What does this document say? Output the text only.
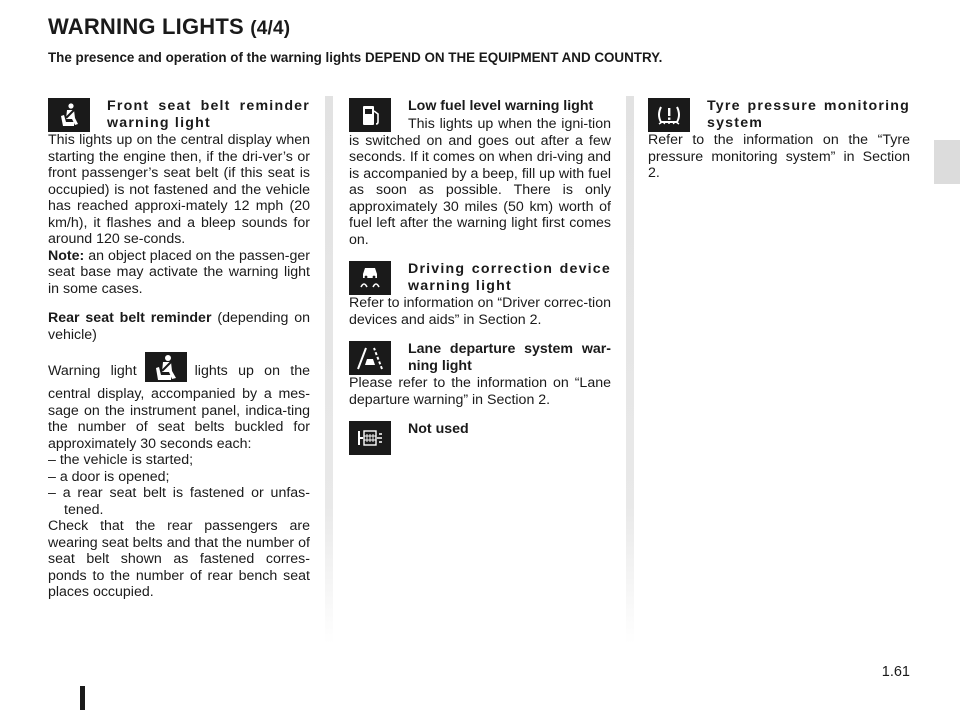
WARNING LIGHTS (4/4)
The presence and operation of the warning lights DEPEND ON THE EQUIPMENT AND COUNTRY.
Front seat belt reminder warning light

This lights up on the central display when starting the engine then, if the dri-ver’s or front passenger’s seat belt (if this seat is occupied) is not fastened and the vehicle has reached approxi-mately 12 mph (20 km/h), it flashes and a bleep sounds for around 120 se-conds.

Note: an object placed on the passen-ger seat base may activate the warning light in some cases.

Rear seat belt reminder (depending on vehicle)

Warning light	lights up on the central display, accompanied by a mes-sage on the instrument panel, indica-ting the number of seat belts buckled for approximately 30 seconds each:

– the vehicle is started;
– a door is opened;
– a rear seat belt is fastened or unfas-tened.

Check that the rear passengers are wearing seat belts and that the number of seat belt shown as fastened corres-ponds to the number of rear bench seat places occupied.

Low fuel level warning light

This lights up when the igni-tion is switched on and goes out after a few seconds. If it comes on when dri-ving and is accompanied by a beep, fill up with fuel as soon as possible. There is only approximately 30 miles (50 km) worth of fuel left after the warning light first comes on.

Driving correction device warning light

Refer to information on “Driver correc-tion devices and aids” in Section 2.

Lane departure system war-ning light

Please refer to the information on “Lane departure warning” in Section 2.

Not used
Tyre pressure monitoring system

Refer to the information on the “Tyre pressure monitoring system” in Section 2.

1.61
